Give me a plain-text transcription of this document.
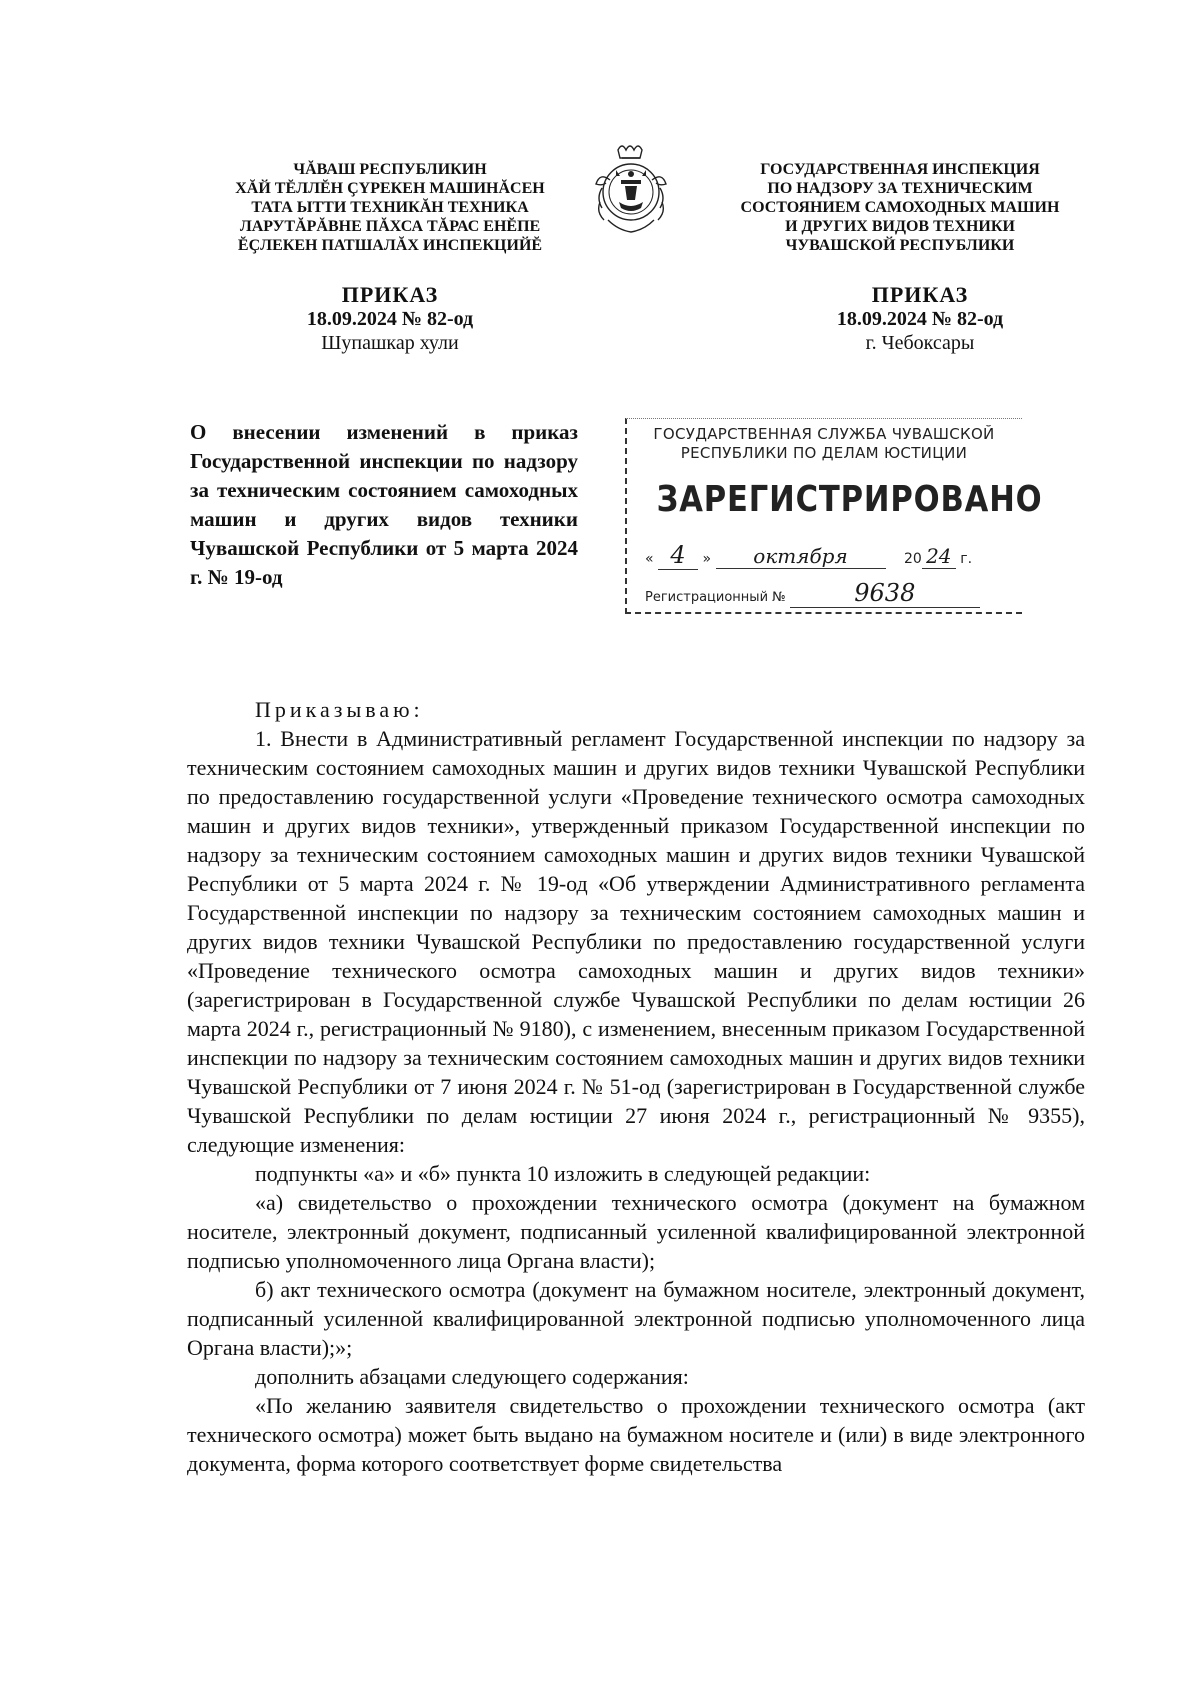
ЧĂВАШ РЕСПУБЛИКИН
ХĂЙ ТĔЛЛĔН ҪҮРЕКЕН МАШИНĂСЕН
ТАТА ЫТТИ ТЕХНИКĂН ТЕХНИКА
ЛАРУТĂРĂВНЕ ПĂХСА ТĂРАС ЕНĔПЕ
ĔҪЛЕКЕН ПАТШАЛĂХ ИНСПЕКЦИЙĔ
ГОСУДАРСТВЕННАЯ ИНСПЕКЦИЯ
ПО НАДЗОРУ ЗА ТЕХНИЧЕСКИМ
СОСТОЯНИЕМ САМОХОДНЫХ МАШИН
И ДРУГИХ ВИДОВ ТЕХНИКИ
ЧУВАШСКОЙ РЕСПУБЛИКИ
ПРИКАЗ
18.09.2024 № 82-од
Шупашкар хули
ПРИКАЗ
18.09.2024 № 82-од
г. Чебоксары
О внесении изменений в приказ Государственной инспекции по надзору за техническим состоянием самоходных машин и других видов техники Чувашской Республики от 5 марта 2024 г. № 19-од
ГОСУДАРСТВЕННАЯ СЛУЖБА ЧУВАШСКОЙ
РЕСПУБЛИКИ ПО ДЕЛАМ ЮСТИЦИИ
ЗАРЕГИСТРИРОВАНО
« 4 » октября	20 24 г.
Регистрационный №	9638

Приказываю:

1. Внести в Административный регламент Государственной инспекции по надзору за техническим состоянием самоходных машин и других видов техники Чувашской Республики по предоставлению государственной услуги «Проведение технического осмотра самоходных машин и других видов техники», утвержденный приказом Государственной инспекции по надзору за техническим состоянием самоходных машин и других видов техники Чувашской Республики от 5 марта 2024 г. № 19-од «Об утверждении Административного регламента Государственной инспекции по надзору за техническим состоянием самоходных машин и других видов техники Чувашской Республики по предоставлению государственной услуги «Проведение технического осмотра самоходных машин и других видов техники» (зарегистрирован в Государственной службе Чувашской Республики по делам юстиции 26 марта 2024 г., регистрационный № 9180), с изменением, внесенным приказом Государственной инспекции по надзору за техническим состоянием самоходных машин и других видов техники Чувашской Республики от 7 июня 2024 г. № 51-од (зарегистрирован в Государственной службе Чувашской Республики по делам юстиции 27 июня 2024 г., регистрационный № 9355), следующие изменения:

подпункты «а» и «б» пункта 10 изложить в следующей редакции:

«а) свидетельство о прохождении технического осмотра (документ на бумажном носителе, электронный документ, подписанный усиленной квалифицированной электронной подписью уполномоченного лица Органа власти);

б) акт технического осмотра (документ на бумажном носителе, электронный документ, подписанный усиленной квалифицированной электронной подписью уполномоченного лица Органа власти);»;

дополнить абзацами следующего содержания:

«По желанию заявителя свидетельство о прохождении технического осмотра (акт технического осмотра) может быть выдано на бумажном носителе и (или) в виде электронного документа, форма которого соответствует форме свидетельства
